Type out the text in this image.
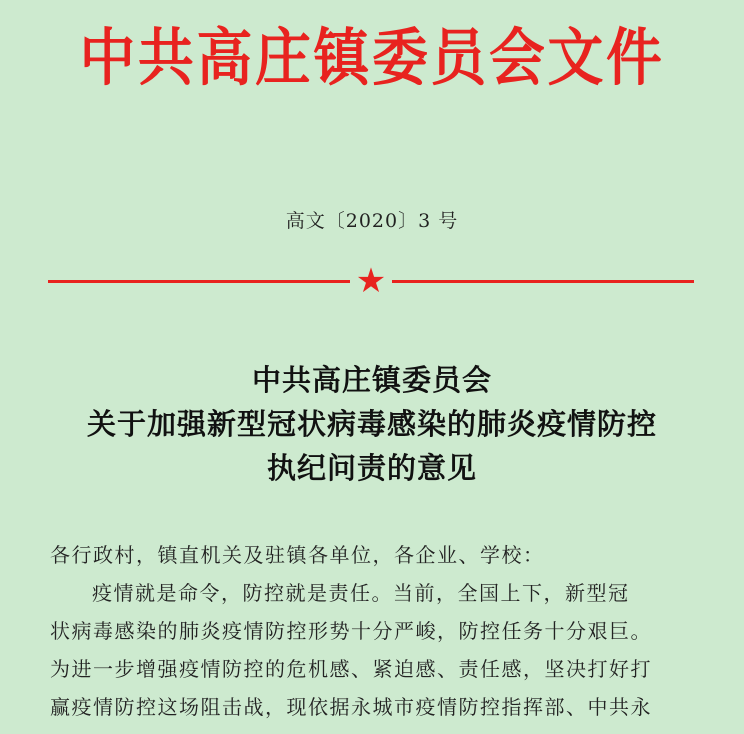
中共高庄镇委员会文件
高文〔2020〕3 号
★
中共高庄镇委员会
关于加强新型冠状病毒感染的肺炎疫情防控
执纪问责的意见
各行政村，镇直机关及驻镇各单位，各企业、学校：
疫情就是命令，防控就是责任。当前，全国上下，新型冠
状病毒感染的肺炎疫情防控形势十分严峻，防控任务十分艰巨。
为进一步增强疫情防控的危机感、紧迫感、责任感，坚决打好打
赢疫情防控这场阻击战，现依据永城市疫情防控指挥部、中共永
